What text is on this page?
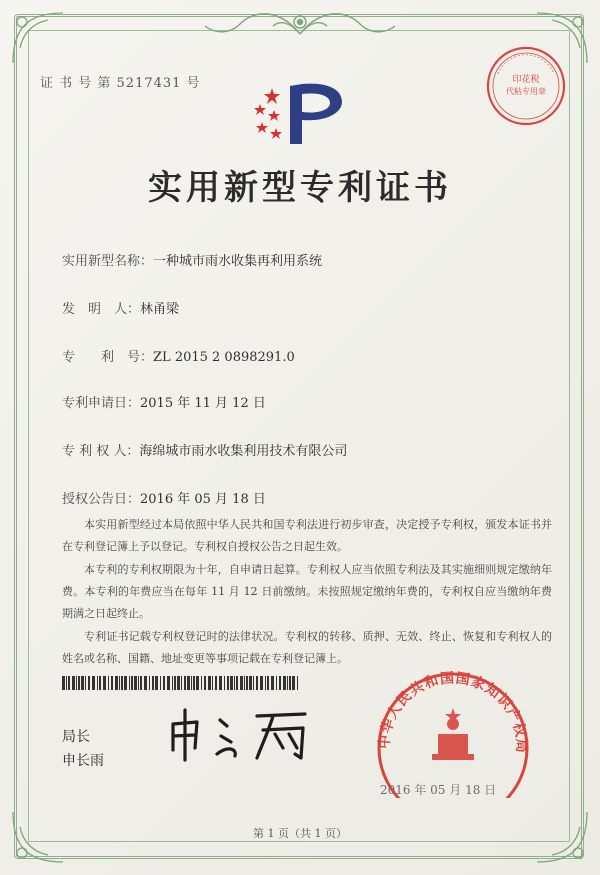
证 书 号 第 5217431 号	印花税
代粘专用章
实用新型专利证书
实用新型名称：一种城市雨水收集再利用系统
发　明　人：林甬梁
专　　利　号：ZL 2015 2 0898291.0
专利申请日：2015 年 11 月 12 日
专 利 权 人：海绵城市雨水收集利用技术有限公司
授权公告日：2016 年 05 月 18 日

本实用新型经过本局依照中华人民共和国专利法进行初步审查，决定授予专利权，颁发本证书并在专利登记簿上予以登记。专利权自授权公告之日起生效。

本专利的专利权期限为十年，自申请日起算。专利权人应当依照专利法及其实施细则规定缴纳年费。本专利的年费应当在每年 11 月 12 日前缴纳。未按照规定缴纳年费的，专利权自应当缴纳年费期满之日起终止。

专利证书记载专利权登记时的法律状况。专利权的转移、质押、无效、终止、恢复和专利权人的姓名或名称、国籍、地址变更等事项记载在专利登记簿上。

局长
申长雨
中华人民共和国国家知识产权局
2016 年 05 月 18 日
第 1 页（共 1 页）
